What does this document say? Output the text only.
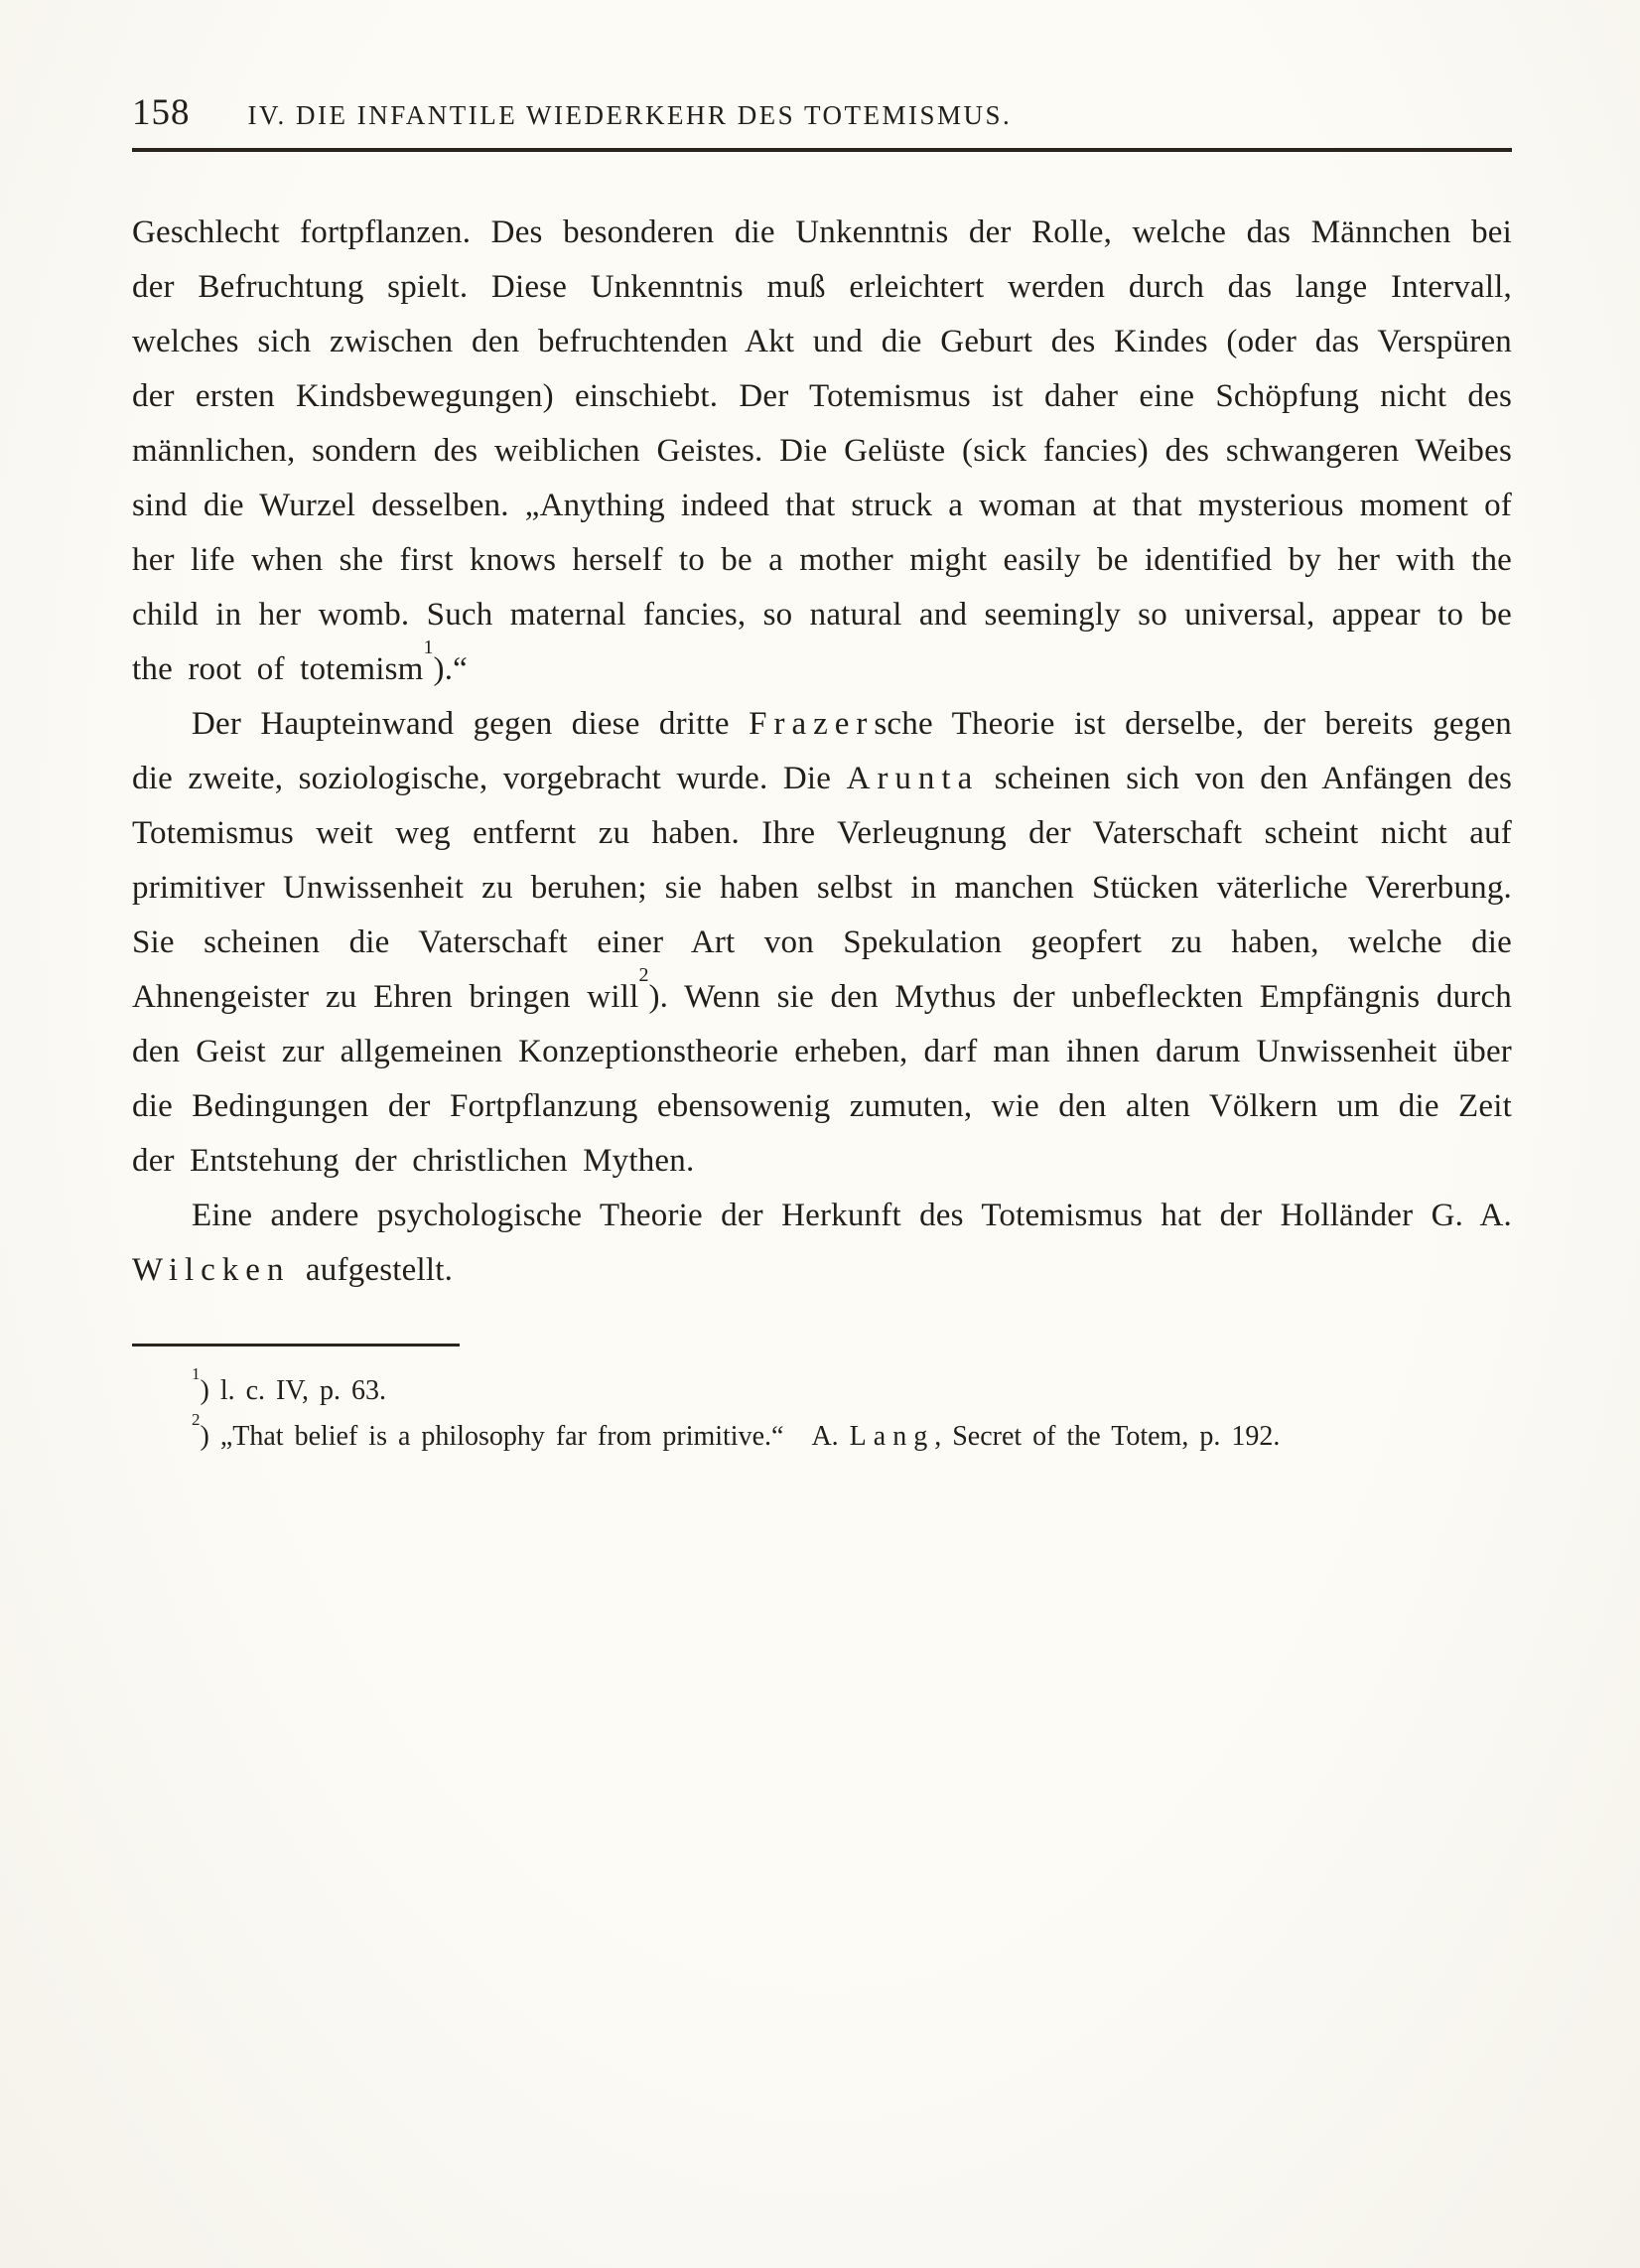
158 IV. DIE INFANTILE WIEDERKEHR DES TOTEMISMUS.

Geschlecht fortpflanzen. Des besonderen die Unkenntnis der Rolle, welche das Männchen bei der Befruchtung spielt. Diese Unkenntnis muß erleichtert werden durch das lange Intervall, welches sich zwischen den befruchtenden Akt und die Geburt des Kindes (oder das Verspüren der ersten Kindsbewegungen) einschiebt. Der Totemismus ist daher eine Schöpfung nicht des männlichen, sondern des weiblichen Geistes. Die Gelüste (sick fancies) des schwangeren Weibes sind die Wurzel desselben. „Anything indeed that struck a woman at that mysterious moment of her life when she first knows herself to be a mother might easily be identified by her with the child in her womb. Such maternal fancies, so natural and seemingly so universal, appear to be the root of totemism$^1$).“

Der Haupteinwand gegen diese dritte Frazersche Theorie ist derselbe, der bereits gegen die zweite, soziologische, vorgebracht wurde. Die Arunta scheinen sich von den Anfängen des Totemismus weit weg entfernt zu haben. Ihre Verleugnung der Vaterschaft scheint nicht auf primitiver Unwissenheit zu beruhen; sie haben selbst in manchen Stücken väterliche Vererbung. Sie scheinen die Vaterschaft einer Art von Spekulation geopfert zu haben, welche die Ahnengeister zu Ehren bringen will$^2$). Wenn sie den Mythus der unbefleckten Empfängnis durch den Geist zur allgemeinen Konzeptionstheorie erheben, darf man ihnen darum Unwissenheit über die Bedingungen der Fortpflanzung ebensowenig zumuten, wie den alten Völkern um die Zeit der Entstehung der christlichen Mythen.

Eine andere psychologische Theorie der Herkunft des Totemismus hat der Holländer G. A. Wilcken aufgestellt.

$^1$) l. c. IV, p. 63.

$^2$) „That belief is a philosophy far from primitive.“ A. Lang, Secret of the Totem, p. 192.
